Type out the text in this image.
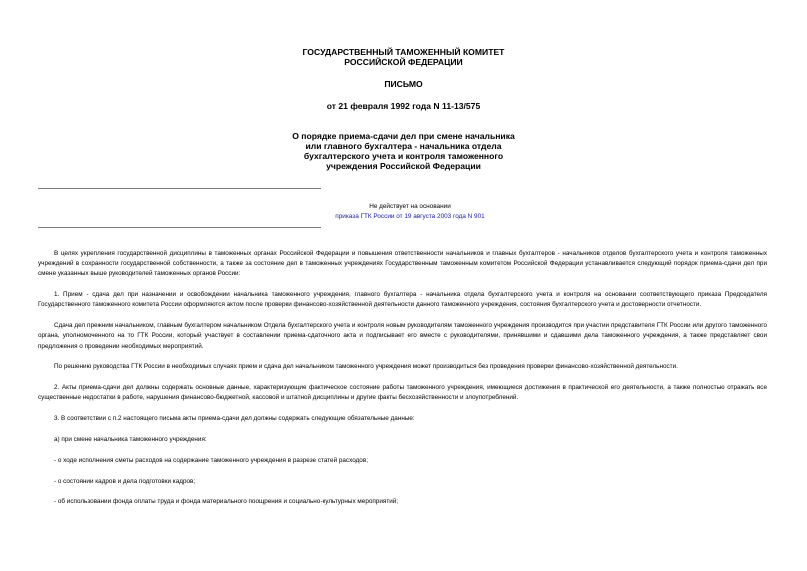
ГОСУДАРСТВЕННЫЙ ТАМОЖЕННЫЙ КОМИТЕТ
РОССИЙСКОЙ ФЕДЕРАЦИИ
ПИСЬМО
от 21 февраля 1992 года N 11-13/575
О порядке приема-сдачи дел при смене начальника
или главного бухгалтера - начальника отдела
бухгалтерского учета и контроля таможенного
учреждения Российской Федерации
Не действует на основании
приказа ГТК России от 19 августа 2003 года N 901

В целях укрепления государственной дисциплины в таможенных органах Российской Федерации и повышения ответственности начальников и главных бухгалтеров - начальников отделов бухгалтерского учета и контроля таможенных учреждений в сохранности государственной собственности, а также за состояние дел в таможенных учреждениях Государственным таможенным комитетом Российской Федерации устанавливается следующий порядок приема-сдачи дел при смене указанных выше руководителей таможенных органов России:

1. Прием - сдача дел при назначении и освобождении начальника таможенного учреждения, главного бухгалтера - начальника отдела бухгалтерского учета и контроля на основании соответствующего приказа Председателя Государственного таможенного комитета России оформляются актом после проверки финансово-хозяйственной деятельности данного таможенного учреждения, состояния бухгалтерского учета и достоверности отчетности.

Сдача дел прежним начальником, главным бухгалтером начальником Отдела бухгалтерского учета и контроля новым руководителям таможенного учреждения производится при участии представителя ГТК России или другого таможенного органа, уполномоченного на то ГТК России, который участвует в составлении приема-сдаточного акта и подписывает его вместе с руководителями, принявшими и сдавшими дела таможенного учреждения, а также представляет свои предложения о проведении необходимых мероприятий.

По решению руководства ГТК России в необходимых случаях прием и сдача дел начальником таможенного учреждения может производиться без проведения проверки финансово-хозяйственной деятельности.

2. Акты приема-сдачи дел должны содержать основные данные, характеризующие фактическое состояние работы таможенного учреждения, имеющиеся достижения в практической его деятельности, а также полностью отражать все существенные недостатки в работе, нарушения финансово-бюджетной, кассовой и штатной дисциплины и другие факты бесхозяйственности и злоупотреблений.

3. В соответствии с п.2 настоящего письма акты приема-сдачи дел должны содержать следующие обязательные данные:

а) при смене начальника таможенного учреждения:

- о ходе исполнения сметы расходов на содержание таможенного учреждения в разрезе статей расходов;

- о состоянии кадров и дела подготовки кадров;

- об использовании фонда оплаты труда и фонда материального поощрения и социально-культурных мероприятий;
